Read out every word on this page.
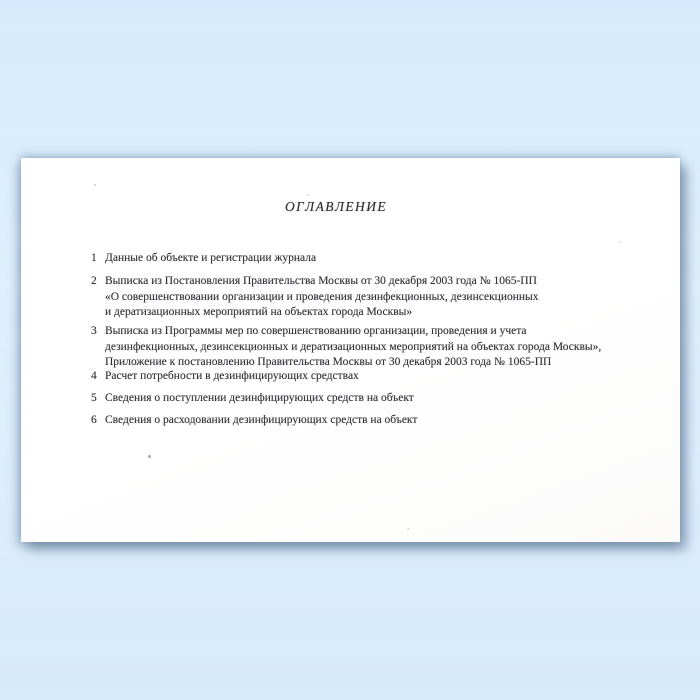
ОГЛАВЛЕНИЕ
1 Данные об объекте и регистрации журнала
2 Выписка из Постановления Правительства Москвы от 30 декабря 2003 года № 1065-ПП
«О совершенствовании организации и проведения дезинфекционных, дезинсекционных
и дератизационных мероприятий на объектах города Москвы»
3 Выписка из Программы мер по совершенствованию организации, проведения и учета
дезинфекционных, дезинсекционных и дератизационных мероприятий на объектах города Москвы»,
Приложение к постановлению Правительства Москвы от 30 декабря 2003 года № 1065-ПП
4 Расчет потребности в дезинфицирующих средствах
5 Сведения о поступлении дезинфицирующих средств на объект
6 Сведения о расходовании дезинфицирующих средств на объект
